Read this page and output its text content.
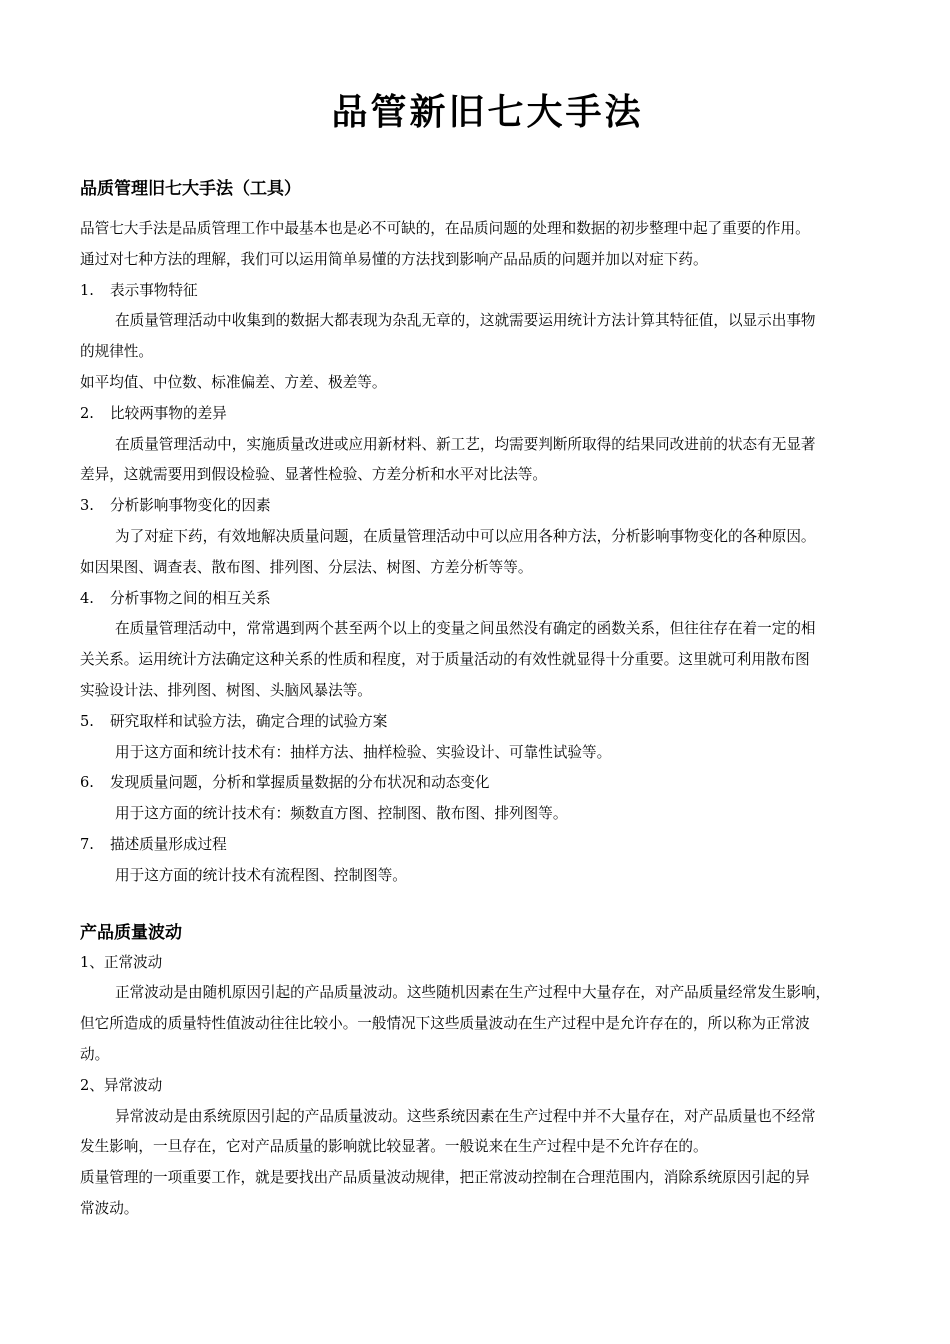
品管新旧七大手法
品质管理旧七大手法（工具）

品管七大手法是品质管理工作中最基本也是必不可缺的，在品质问题的处理和数据的初步整理中起了重要的作用。

通过对七种方法的理解，我们可以运用简单易懂的方法找到影响产品品质的问题并加以对症下药。

1. 表示事物特征

在质量管理活动中收集到的数据大都表现为杂乱无章的，这就需要运用统计方法计算其特征值，以显示出事物

的规律性。

如平均值、中位数、标准偏差、方差、极差等。

2. 比较两事物的差异

在质量管理活动中，实施质量改进或应用新材料、新工艺，均需要判断所取得的结果同改进前的状态有无显著

差异，这就需要用到假设检验、显著性检验、方差分析和水平对比法等。

3. 分析影响事物变化的因素

为了对症下药，有效地解决质量问题，在质量管理活动中可以应用各种方法，分析影响事物变化的各种原因。

如因果图、调查表、散布图、排列图、分层法、树图、方差分析等等。

4. 分析事物之间的相互关系

在质量管理活动中，常常遇到两个甚至两个以上的变量之间虽然没有确定的函数关系，但往往存在着一定的相

关关系。运用统计方法确定这种关系的性质和程度，对于质量活动的有效性就显得十分重要。这里就可利用散布图

实验设计法、排列图、树图、头脑风暴法等。

5. 研究取样和试验方法，确定合理的试验方案

用于这方面和统计技术有：抽样方法、抽样检验、实验设计、可靠性试验等。

6. 发现质量问题，分析和掌握质量数据的分布状况和动态变化

用于这方面的统计技术有：频数直方图、控制图、散布图、排列图等。

7. 描述质量形成过程

用于这方面的统计技术有流程图、控制图等。

产品质量波动

1、正常波动

正常波动是由随机原因引起的产品质量波动。这些随机因素在生产过程中大量存在，对产品质量经常发生影响，

但它所造成的质量特性值波动往往比较小。一般情况下这些质量波动在生产过程中是允许存在的，所以称为正常波

动。

2、异常波动

异常波动是由系统原因引起的产品质量波动。这些系统因素在生产过程中并不大量存在，对产品质量也不经常

发生影响，一旦存在，它对产品质量的影响就比较显著。一般说来在生产过程中是不允许存在的。

质量管理的一项重要工作，就是要找出产品质量波动规律，把正常波动控制在合理范围内，消除系统原因引起的异

常波动。
